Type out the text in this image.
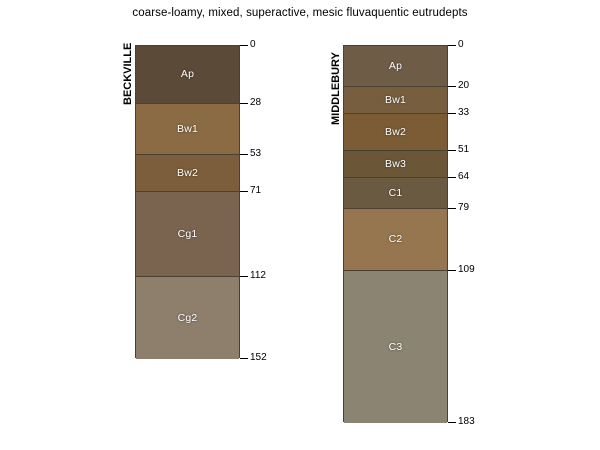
coarse-loamy, mixed, superactive, mesic fluvaquentic eutrudepts
BECKVILLE	Ap
Bw1
Bw2
Cg1
Cg2
0
28
53
71
112
152
MIDDLEBURY	Ap
Bw1
Bw2
Bw3
C1
C2
C3
0
20
33
51
64
79
109
183
